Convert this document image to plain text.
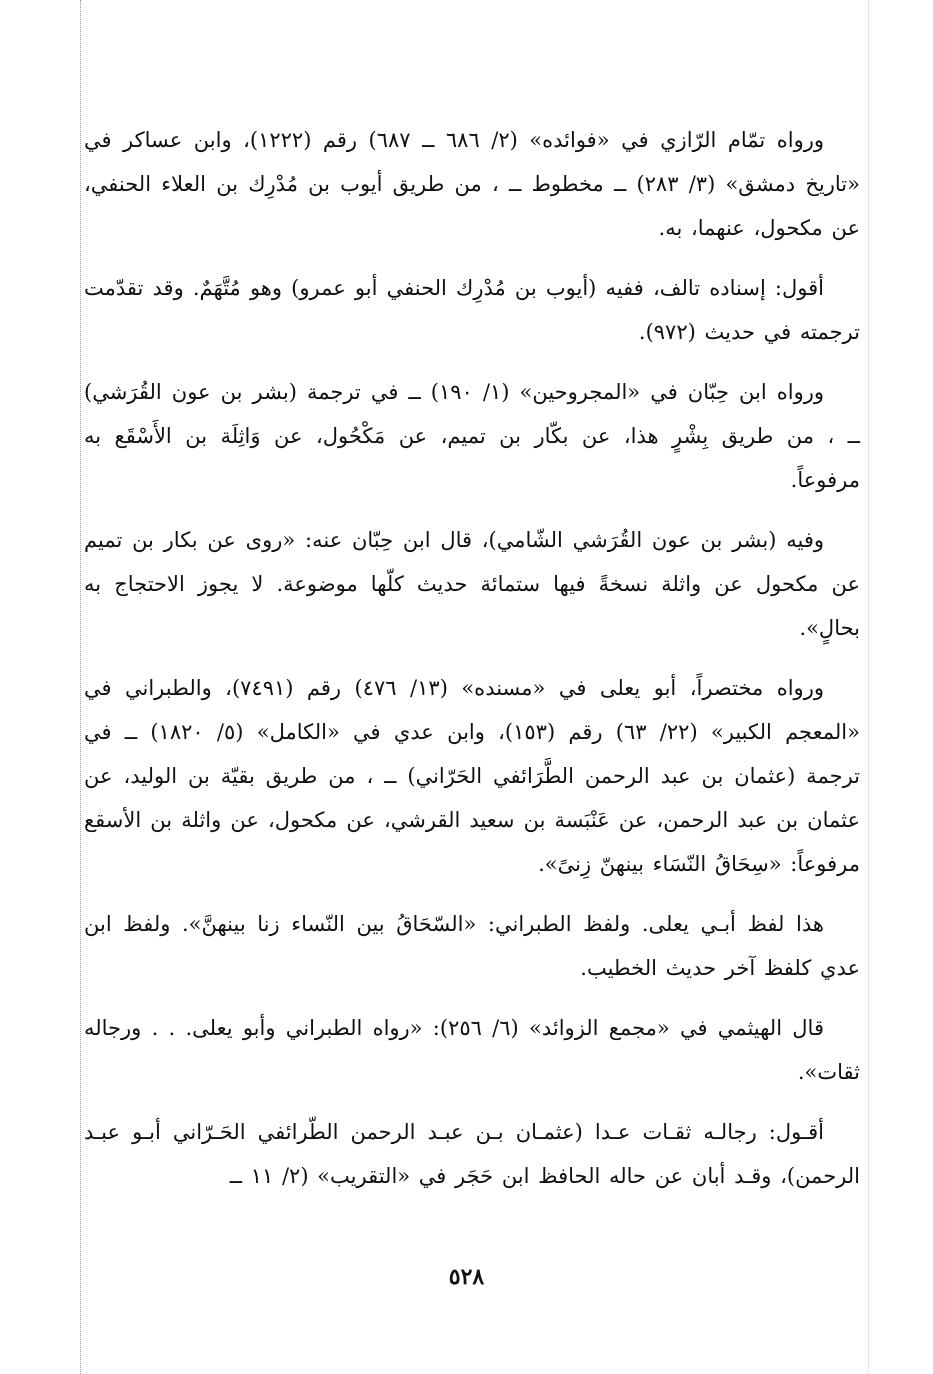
ورواه تمّام الرّازي في «فوائده» (٢/ ٦٨٦ ــ ٦٨٧) رقم (١٢٢٢)، وابن عساكر في «تاريخ دمشق» (٣/ ٢٨٣) ــ مخطوط ــ ، من طريق أيوب بن مُدْرِك بن العلاء الحنفي، عن مكحول، عنهما، به.

أقول: إسناده تالف، ففيه (أيوب بن مُدْرِك الحنفي أبو عمرو) وهو مُتَّهَمٌ. وقد تقدّمت ترجمته في حديث (٩٧٢).

ورواه ابن حِبّان في «المجروحين» (١/ ١٩٠) ــ في ترجمة (بشر بن عون القُرَشي) ــ ، من طريق بِشْرٍ هذا، عن بكّار بن تميم، عن مَكْحُول، عن وَاثِلَة بن الأَسْقَع به مرفوعاً.

وفيه (بشر بن عون القُرَشي الشّامي)، قال ابن حِبّان عنه: «روى عن بكار بن تميم عن مكحول عن واثلة نسخةً فيها ستمائة حديث كلّها موضوعة. لا يجوز الاحتجاج به بحالٍ».

ورواه مختصراً، أبو يعلى في «مسنده» (١٣/ ٤٧٦) رقم (٧٤٩١)، والطبراني في «المعجم الكبير» (٢٢/ ٦٣) رقم (١٥٣)، وابن عدي في «الكامل» (٥/ ١٨٢٠) ــ في ترجمة (عثمان بن عبد الرحمن الطَّرَائفي الحَرّاني) ــ ، من طريق بقيّة بن الوليد، عن عثمان بن عبد الرحمن، عن عَنْبَسة بن سعيد القرشي، عن مكحول، عن واثلة بن الأسقع مرفوعاً: «سِحَاقُ النّسَاء بينهنّ زِنىً».

هذا لفظ أبـي يعلى. ولفظ الطبراني: «السّحَاقُ بين النّساء زنا بينهنَّ». ولفظ ابن عدي كلفظ آخر حديث الخطيب.

قال الهيثمي في «مجمع الزوائد» (٦/ ٢٥٦): «رواه الطبراني وأبو يعلى. . . ورجاله ثقات».

أقـول: رجالـه ثقـات عـدا (عثمـان بـن عبـد الرحمن الطّرائفي الحَـرّاني أبـو عبـد الرحمن)، وقـد أبان عن حاله الحافظ ابن حَجَر في «التقريب» (٢/ ١١ ــ

٥٢٨
